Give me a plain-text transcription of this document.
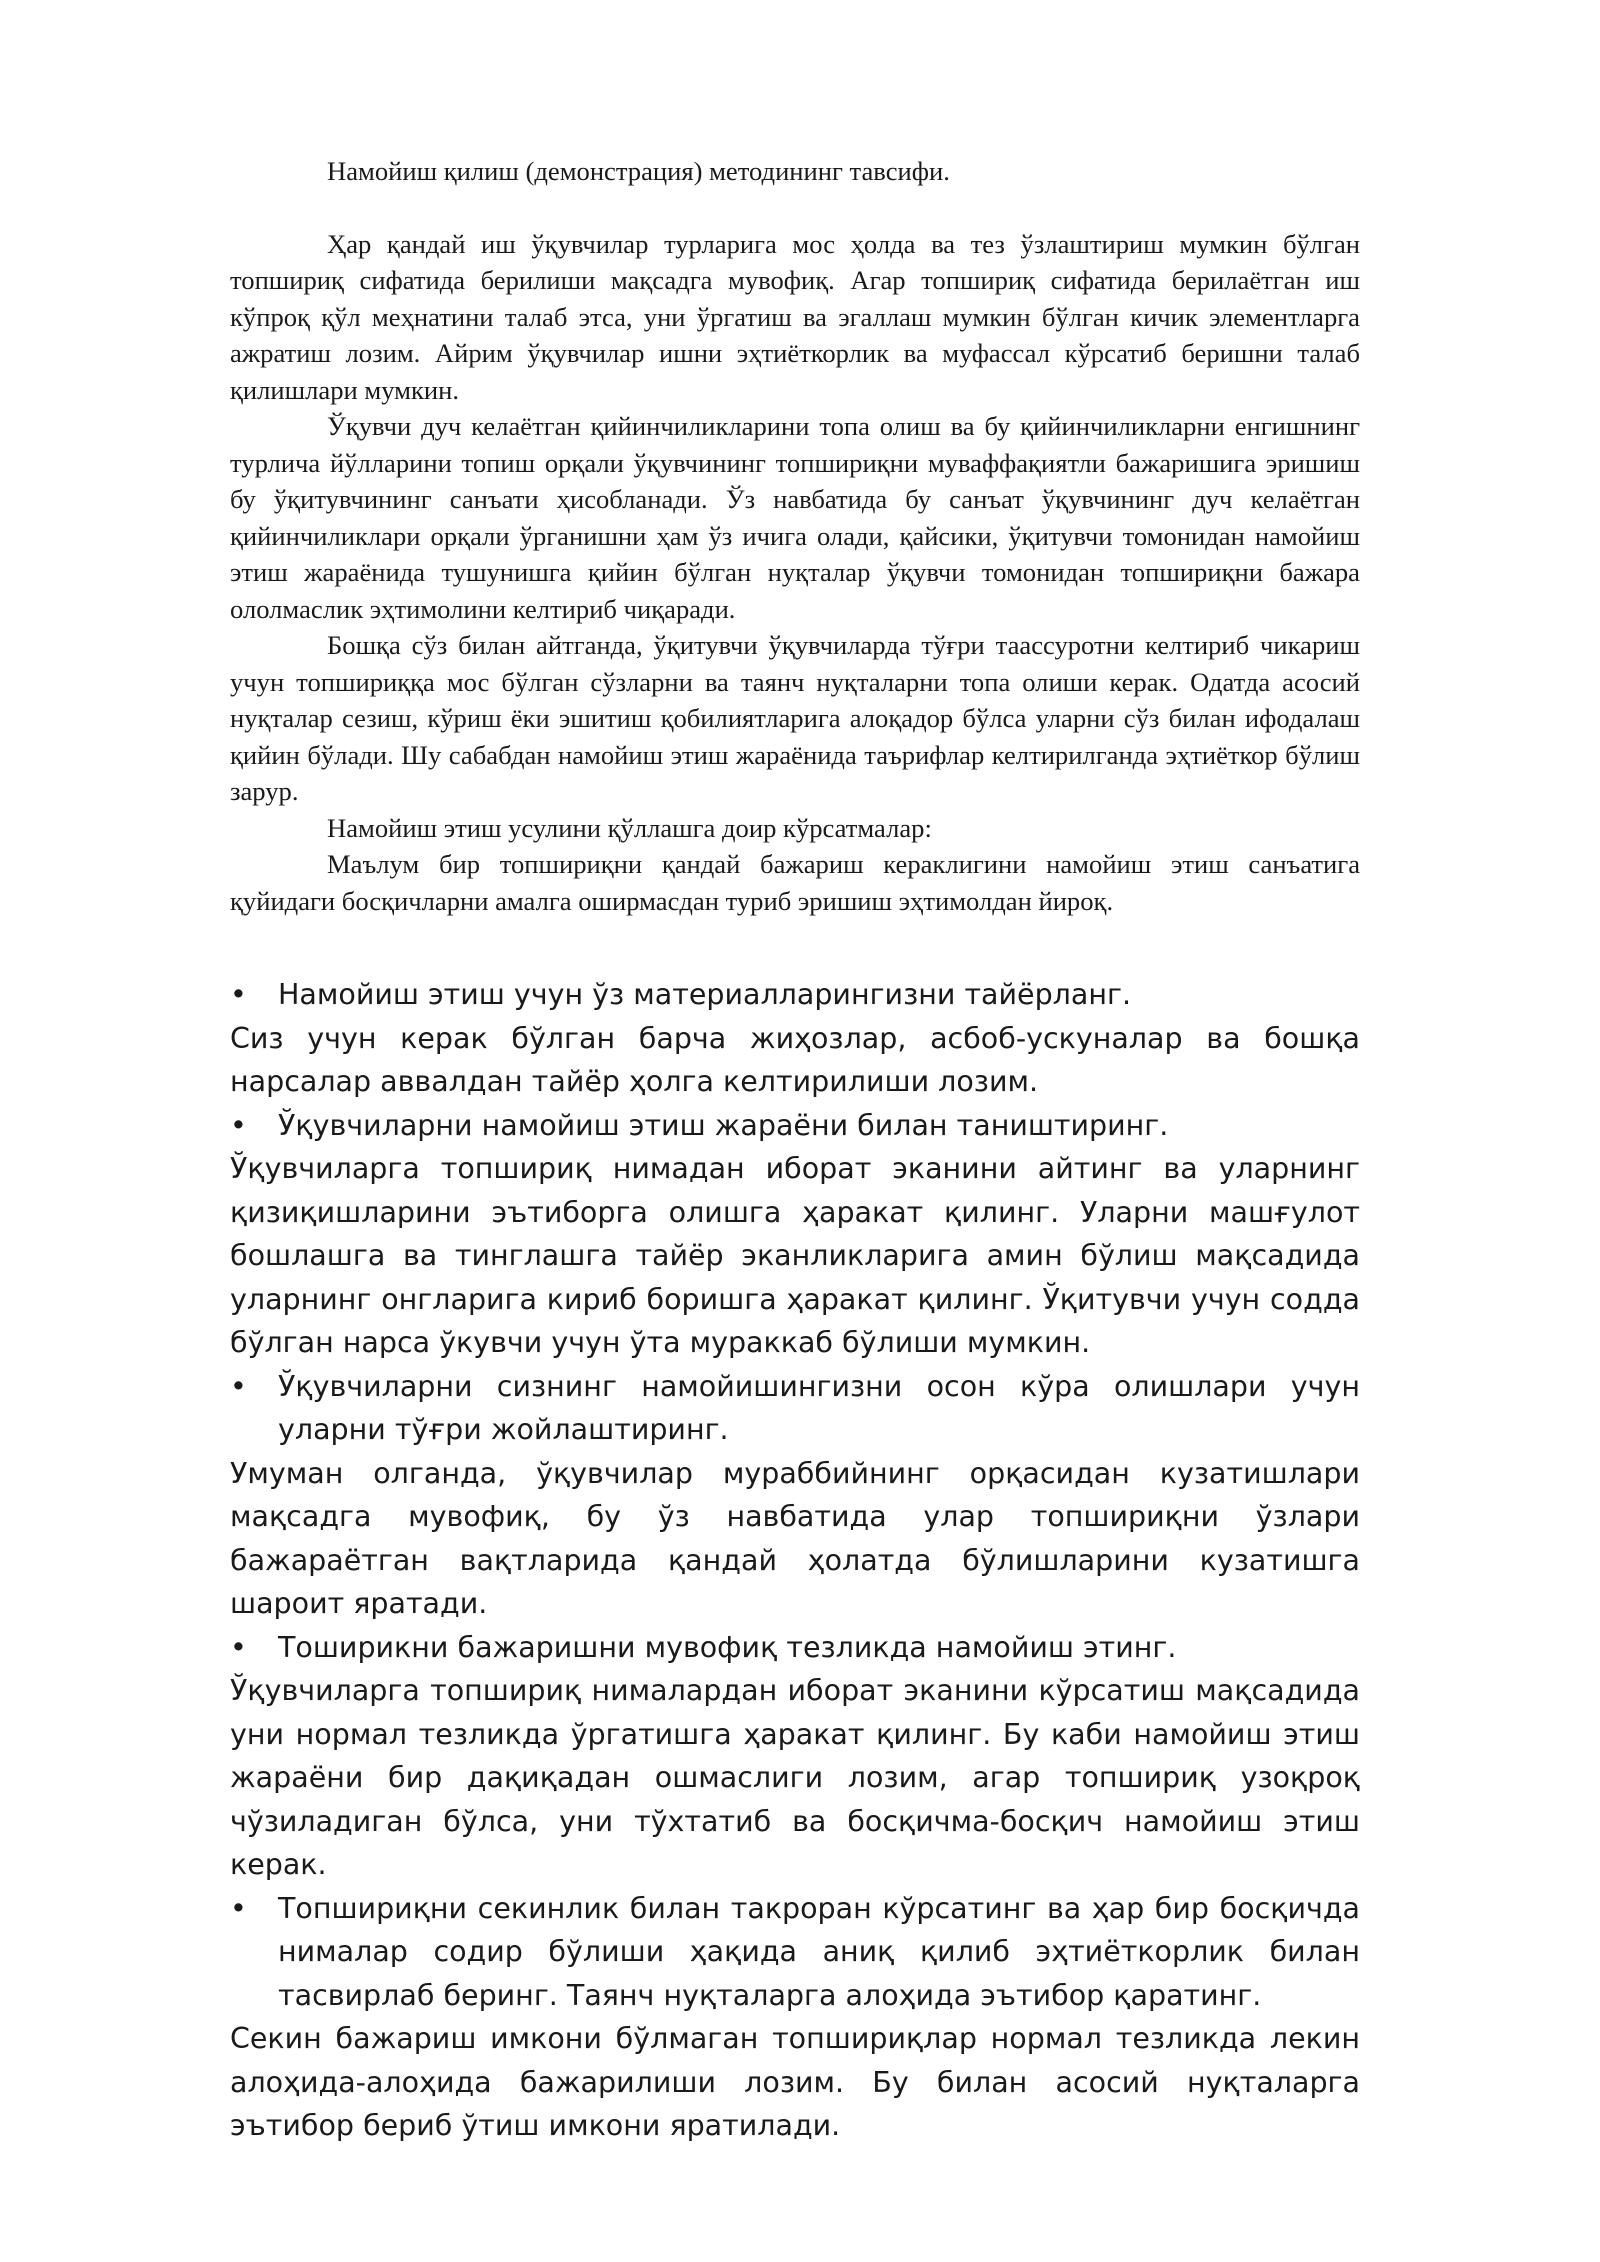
Намойиш қилиш (демонстрация) методининг тавсифи.

Ҳар қандай иш ўқувчилар турларига мос ҳолда ва тез ўзлаштириш мумкин бўлган топшириқ сифатида берилиши мақсадга мувофиқ. Агар топшириқ сифатида берилаётган иш кўпроқ қўл меҳнатини талаб этса, уни ўргатиш ва эгаллаш мумкин бўлган кичик элементларга ажратиш лозим. Айрим ўқувчилар ишни эҳтиёткорлик ва муфассал кўрсатиб беришни талаб қилишлари мумкин.

Ўқувчи дуч келаётган қийинчиликларини топа олиш ва бу қийинчиликларни енгишнинг турлича йўлларини топиш орқали ўқувчининг топшириқни муваффақиятли бажаришига эришиш бу ўқитувчининг санъати ҳисобланади. Ўз навбатида бу санъат ўқувчининг дуч келаётган қийинчиликлари орқали ўрганишни ҳам ўз ичига олади, қайсики, ўқитувчи томонидан намойиш этиш жараёнида тушунишга қийин бўлган нуқталар ўқувчи томонидан топшириқни бажара ололмаслик эҳтимолини келтириб чиқаради.

Бошқа сўз билан айтганда, ўқитувчи ўқувчиларда тўғри таассуротни келтириб чикариш учун топшириққа мос бўлган сўзларни ва таянч нуқталарни топа олиши керак. Одатда асосий нуқталар сезиш, кўриш ёки эшитиш қобилиятларига алоқадор бўлса уларни сўз билан ифодалаш қийин бўлади. Шу сабабдан намойиш этиш жараёнида таърифлар келтирилганда эҳтиёткор бўлиш зарур.

Намойиш этиш усулини қўллашга доир кўрсатмалар:

Маълум бир топшириқни қандай бажариш кераклигини намойиш этиш санъатига қуйидаги босқичларни амалга оширмасдан туриб эришиш эҳтимолдан йироқ.

•	Намойиш этиш учун ўз материалларингизни тайёрланг.

Сиз учун керак бўлган барча жиҳозлар, асбоб-ускуналар ва бошқа нарсалар аввалдан тайёр ҳолга келтирилиши лозим.

•	Ўқувчиларни намойиш этиш жараёни билан таништиринг.

Ўқувчиларга топшириқ нимадан иборат эканини айтинг ва уларнинг қизиқишларини эътиборга олишга ҳаракат қилинг. Уларни машғулот бошлашга ва тинглашга тайёр эканликларига амин бўлиш мақсадида уларнинг онгларига кириб боришга ҳаракат қилинг. Ўқитувчи учун содда бўлган нарса ўкувчи учун ўта мураккаб бўлиши мумкин.

•	Ўқувчиларни сизнинг намойишингизни осон кўра олишлари учун уларни тўғри жойлаштиринг.

Умуман олганда, ўқувчилар мураббийнинг орқасидан кузатишлари мақсадга мувофиқ, бу ўз навбатида улар топшириқни ўзлари бажараётган вақтларида қандай ҳолатда бўлишларини кузатишга шароит яратади.

•	Тоширикни бажаришни мувофиқ тезликда намойиш этинг.

Ўқувчиларга топшириқ нималардан иборат эканини кўрсатиш мақсадида уни нормал тезликда ўргатишга ҳаракат қилинг. Бу каби намойиш этиш жараёни бир дақиқадан ошмаслиги лозим, агар топшириқ узоқроқ чўзиладиган бўлса, уни тўхтатиб ва босқичма-босқич намойиш этиш керак.

•	Топшириқни секинлик билан такроран кўрсатинг ва ҳар бир босқичда нималар содир бўлиши ҳақида аниқ қилиб эҳтиёткорлик билан тасвирлаб беринг. Таянч нуқталарга алоҳида эътибор қаратинг.

Секин бажариш имкони бўлмаган топшириқлар нормал тезликда лекин алоҳида-алоҳида бажарилиши лозим. Бу билан асосий нуқталарга эътибор бериб ўтиш имкони яратилади.
